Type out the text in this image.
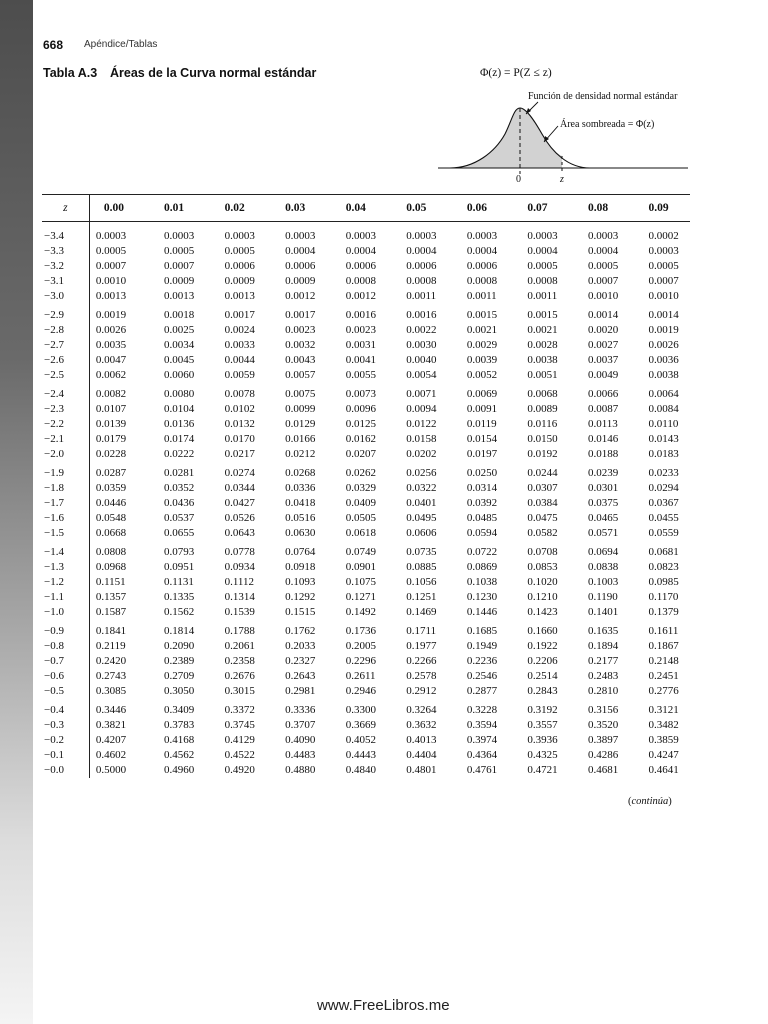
668 Apéndice/Tablas
Tabla A.3 Áreas de la Curva normal estándar	Φ(z) = P(Z ≤ z)
Función de densidad normal estándar
Área sombreada = Φ(z)
0	z
z	0.00	0.01	0.02	0.03	0.04	0.05	0.06	0.07	0.08	0.09
−3.4	0.0003	0.0003	0.0003	0.0003	0.0003	0.0003	0.0003	0.0003	0.0003	0.0002
−3.3	0.0005	0.0005	0.0005	0.0004	0.0004	0.0004	0.0004	0.0004	0.0004	0.0003
−3.2	0.0007	0.0007	0.0006	0.0006	0.0006	0.0006	0.0006	0.0005	0.0005	0.0005
−3.1	0.0010	0.0009	0.0009	0.0009	0.0008	0.0008	0.0008	0.0008	0.0007	0.0007
−3.0	0.0013	0.0013	0.0013	0.0012	0.0012	0.0011	0.0011	0.0011	0.0010	0.0010
−2.9	0.0019	0.0018	0.0017	0.0017	0.0016	0.0016	0.0015	0.0015	0.0014	0.0014
−2.8	0.0026	0.0025	0.0024	0.0023	0.0023	0.0022	0.0021	0.0021	0.0020	0.0019
−2.7	0.0035	0.0034	0.0033	0.0032	0.0031	0.0030	0.0029	0.0028	0.0027	0.0026
−2.6	0.0047	0.0045	0.0044	0.0043	0.0041	0.0040	0.0039	0.0038	0.0037	0.0036
−2.5	0.0062	0.0060	0.0059	0.0057	0.0055	0.0054	0.0052	0.0051	0.0049	0.0038
−2.4	0.0082	0.0080	0.0078	0.0075	0.0073	0.0071	0.0069	0.0068	0.0066	0.0064
−2.3	0.0107	0.0104	0.0102	0.0099	0.0096	0.0094	0.0091	0.0089	0.0087	0.0084
−2.2	0.0139	0.0136	0.0132	0.0129	0.0125	0.0122	0.0119	0.0116	0.0113	0.0110
−2.1	0.0179	0.0174	0.0170	0.0166	0.0162	0.0158	0.0154	0.0150	0.0146	0.0143
−2.0	0.0228	0.0222	0.0217	0.0212	0.0207	0.0202	0.0197	0.0192	0.0188	0.0183
−1.9	0.0287	0.0281	0.0274	0.0268	0.0262	0.0256	0.0250	0.0244	0.0239	0.0233
−1.8	0.0359	0.0352	0.0344	0.0336	0.0329	0.0322	0.0314	0.0307	0.0301	0.0294
−1.7	0.0446	0.0436	0.0427	0.0418	0.0409	0.0401	0.0392	0.0384	0.0375	0.0367
−1.6	0.0548	0.0537	0.0526	0.0516	0.0505	0.0495	0.0485	0.0475	0.0465	0.0455
−1.5	0.0668	0.0655	0.0643	0.0630	0.0618	0.0606	0.0594	0.0582	0.0571	0.0559
−1.4	0.0808	0.0793	0.0778	0.0764	0.0749	0.0735	0.0722	0.0708	0.0694	0.0681
−1.3	0.0968	0.0951	0.0934	0.0918	0.0901	0.0885	0.0869	0.0853	0.0838	0.0823
−1.2	0.1151	0.1131	0.1112	0.1093	0.1075	0.1056	0.1038	0.1020	0.1003	0.0985
−1.1	0.1357	0.1335	0.1314	0.1292	0.1271	0.1251	0.1230	0.1210	0.1190	0.1170
−1.0	0.1587	0.1562	0.1539	0.1515	0.1492	0.1469	0.1446	0.1423	0.1401	0.1379
−0.9	0.1841	0.1814	0.1788	0.1762	0.1736	0.1711	0.1685	0.1660	0.1635	0.1611
−0.8	0.2119	0.2090	0.2061	0.2033	0.2005	0.1977	0.1949	0.1922	0.1894	0.1867
−0.7	0.2420	0.2389	0.2358	0.2327	0.2296	0.2266	0.2236	0.2206	0.2177	0.2148
−0.6	0.2743	0.2709	0.2676	0.2643	0.2611	0.2578	0.2546	0.2514	0.2483	0.2451
−0.5	0.3085	0.3050	0.3015	0.2981	0.2946	0.2912	0.2877	0.2843	0.2810	0.2776
−0.4	0.3446	0.3409	0.3372	0.3336	0.3300	0.3264	0.3228	0.3192	0.3156	0.3121
−0.3	0.3821	0.3783	0.3745	0.3707	0.3669	0.3632	0.3594	0.3557	0.3520	0.3482
−0.2	0.4207	0.4168	0.4129	0.4090	0.4052	0.4013	0.3974	0.3936	0.3897	0.3859
−0.1	0.4602	0.4562	0.4522	0.4483	0.4443	0.4404	0.4364	0.4325	0.4286	0.4247
−0.0	0.5000	0.4960	0.4920	0.4880	0.4840	0.4801	0.4761	0.4721	0.4681	0.4641
(continúa)
www.FreeLibros.me
